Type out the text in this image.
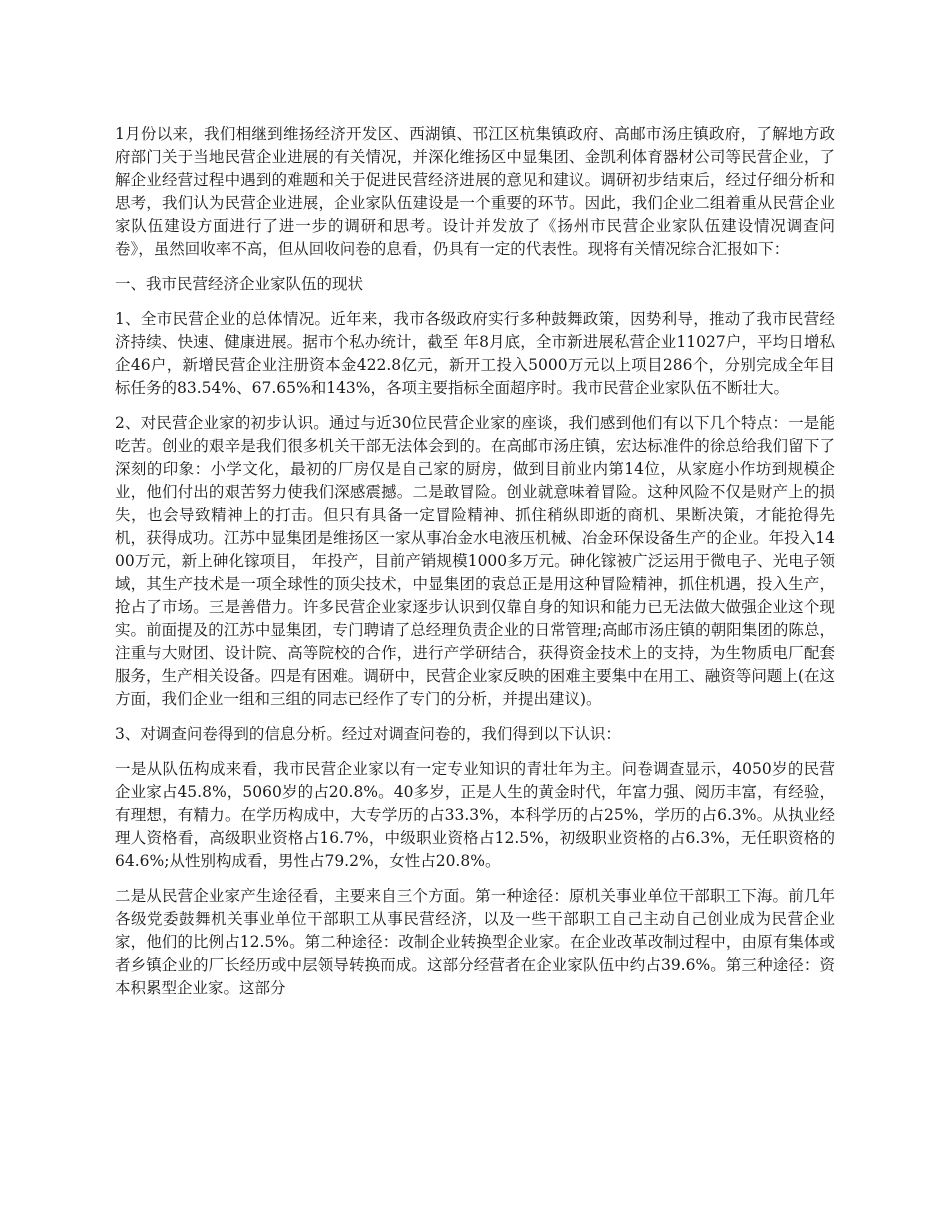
1月份以来，我们相继到维扬经济开发区、西湖镇、邗江区杭集镇政府、高邮市汤庄镇政府，了解地方政府部门关于当地民营企业进展的有关情况，并深化维扬区中显集团、金凯利体育器材公司等民营企业，了解企业经营过程中遇到的难题和关于促进民营经济进展的意见和建议。调研初步结束后，经过仔细分析和思考，我们认为民营企业进展，企业家队伍建设是一个重要的环节。因此，我们企业二组着重从民营企业家队伍建设方面进行了进一步的调研和思考。设计并发放了《扬州市民营企业家队伍建设情况调查问卷》，虽然回收率不高，但从回收问卷的息看，仍具有一定的代表性。现将有关情况综合汇报如下：

一、我市民营经济企业家队伍的现状

1、全市民营企业的总体情况。近年来，我市各级政府实行多种鼓舞政策，因势利导，推动了我市民营经济持续、快速、健康进展。据市个私办统计，截至 年8月底，全市新进展私营企业11027户，平均日增私企46户，新增民营企业注册资本金422.8亿元，新开工投入5000万元以上项目286个，分别完成全年目标任务的83.54%、67.65%和143%，各项主要指标全面超序时。我市民营企业家队伍不断壮大。

2、对民营企业家的初步认识。通过与近30位民营企业家的座谈，我们感到他们有以下几个特点：一是能吃苦。创业的艰辛是我们很多机关干部无法体会到的。在高邮市汤庄镇，宏达标准件的徐总给我们留下了深刻的印象：小学文化，最初的厂房仅是自己家的厨房，做到目前业内第14位，从家庭小作坊到规模企业，他们付出的艰苦努力使我们深感震撼。二是敢冒险。创业就意味着冒险。这种风险不仅是财产上的损失，也会导致精神上的打击。但只有具备一定冒险精神、抓住稍纵即逝的商机、果断决策，才能抢得先机，获得成功。江苏中显集团是维扬区一家从事冶金水电液压机械、冶金环保设备生产的企业。年投入1400万元，新上砷化镓项目， 年投产，目前产销规模1000多万元。砷化镓被广泛运用于微电子、光电子领域，其生产技术是一项全球性的顶尖技术，中显集团的袁总正是用这种冒险精神，抓住机遇，投入生产，抢占了市场。三是善借力。许多民营企业家逐步认识到仅靠自身的知识和能力已无法做大做强企业这个现实。前面提及的江苏中显集团，专门聘请了总经理负责企业的日常管理;高邮市汤庄镇的朝阳集团的陈总，注重与大财团、设计院、高等院校的合作，进行产学研结合，获得资金技术上的支持，为生物质电厂配套服务，生产相关设备。四是有困难。调研中，民营企业家反映的困难主要集中在用工、融资等问题上(在这方面，我们企业一组和三组的同志已经作了专门的分析，并提出建议)。

3、对调查问卷得到的信息分析。经过对调查问卷的，我们得到以下认识：

一是从队伍构成来看，我市民营企业家以有一定专业知识的青壮年为主。问卷调查显示，4050岁的民营企业家占45.8%，5060岁的占20.8%。40多岁，正是人生的黄金时代，年富力强、阅历丰富，有经验，有理想，有精力。在学历构成中，大专学历的占33.3%，本科学历的占25%，学历的占6.3%。从执业经理人资格看，高级职业资格占16.7%，中级职业资格占12.5%，初级职业资格的占6.3%，无任职资格的64.6%;从性别构成看，男性占79.2%，女性占20.8%。

二是从民营企业家产生途径看，主要来自三个方面。第一种途径：原机关事业单位干部职工下海。前几年各级党委鼓舞机关事业单位干部职工从事民营经济，以及一些干部职工自己主动自己创业成为民营企业家，他们的比例占12.5%。第二种途径：改制企业转换型企业家。在企业改革改制过程中，由原有集体或者乡镇企业的厂长经历或中层领导转换而成。这部分经营者在企业家队伍中约占39.6%。第三种途径：资本积累型企业家。这部分
